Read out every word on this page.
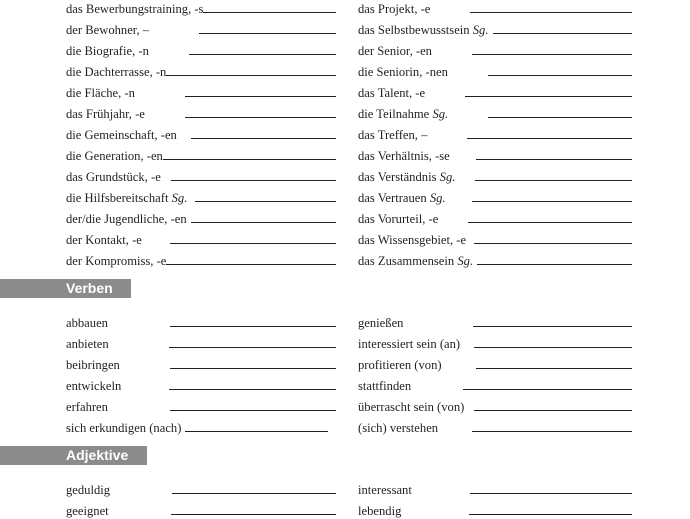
das Bewerbungstraining, -s
der Bewohner, –
die Biografie, -n
die Dachterrasse, -n
die Fläche, -n
das Frühjahr, -e
die Gemeinschaft, -en
die Generation, -en
das Grundstück, -e
die Hilfsbereitschaft Sg.
der/die Jugendliche, -en
der Kontakt, -e
der Kompromiss, -e
das Projekt, -e
das Selbstbewusstsein Sg.
der Senior, -en
die Seniorin, -nen
das Talent, -e
die Teilnahme Sg.
das Treffen, –
das Verhältnis, -se
das Verständnis Sg.
das Vertrauen Sg.
das Vorurteil, -e
das Wissensgebiet, -e
das Zusammensein Sg.
Verben
abbauen
anbieten
beibringen
entwickeln
erfahren
sich erkundigen (nach)
genießen
interessiert sein (an)
profitieren (von)
stattfinden
überrascht sein (von)
(sich) verstehen
Adjektive
geduldig
geeignet
interessant
lebendig
